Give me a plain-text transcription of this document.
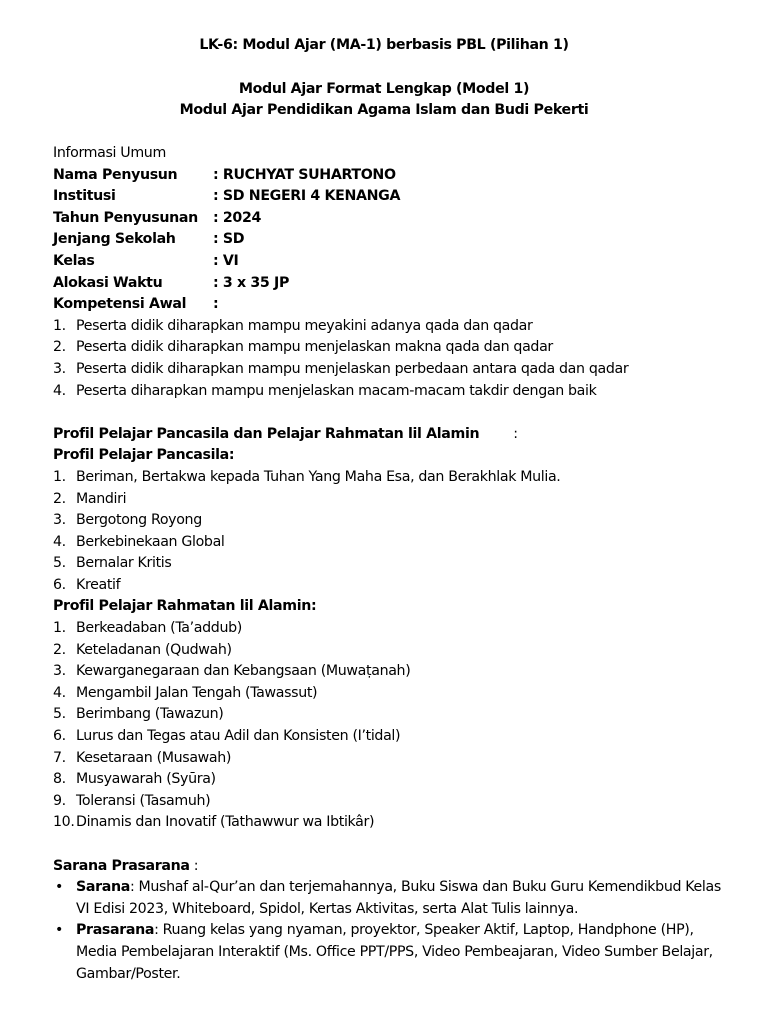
LK-6: Modul Ajar (MA-1) berbasis PBL (Pilihan 1)
Modul Ajar Format Lengkap (Model 1)
Modul Ajar Pendidikan Agama Islam dan Budi Pekerti
Informasi Umum
Nama Penyusun	: RUCHYAT SUHARTONO
Institusi	: SD NEGERI 4 KENANGA
Tahun Penyusunan : 2024
Jenjang Sekolah	: SD
Kelas	: VI
Alokasi Waktu	: 3 x 35 JP
Kompetensi Awal :
1. Peserta didik diharapkan mampu meyakini adanya qada dan qadar
2. Peserta didik diharapkan mampu menjelaskan makna qada dan qadar
3. Peserta didik diharapkan mampu menjelaskan perbedaan antara qada dan qadar
4. Peserta diharapkan mampu menjelaskan macam-macam takdir dengan baik
Profil Pelajar Pancasila dan Pelajar Rahmatan lil Alamin :
Profil Pelajar Pancasila:
1. Beriman, Bertakwa kepada Tuhan Yang Maha Esa, dan Berakhlak Mulia.
2. Mandiri
3. Bergotong Royong
4. Berkebinekaan Global
5. Bernalar Kritis
6. Kreatif
Profil Pelajar Rahmatan lil Alamin:
1. Berkeadaban (Ta’addub)
2. Keteladanan (Qudwah)
3. Kewarganegaraan dan Kebangsaan (Muwaṭanah)
4. Mengambil Jalan Tengah (Tawassut)
5. Berimbang (Tawazun)
6. Lurus dan Tegas atau Adil dan Konsisten (I’tidal)
7. Kesetaraan (Musawah)
8. Musyawarah (Syūra)
9. Toleransi (Tasamuh)
10. Dinamis dan Inovatif (Tathawwur wa Ibtikâr)
Sarana Prasarana :
• Sarana: Mushaf al-Qur’an dan terjemahannya, Buku Siswa dan Buku Guru Kemendikbud Kelas VI Edisi 2023, Whiteboard, Spidol, Kertas Aktivitas, serta Alat Tulis lainnya.
• Prasarana: Ruang kelas yang nyaman, proyektor, Speaker Aktif, Laptop, Handphone (HP), Media Pembelajaran Interaktif (Ms. Office PPT/PPS, Video Pembeajaran, Video Sumber Belajar, Gambar/Poster.
